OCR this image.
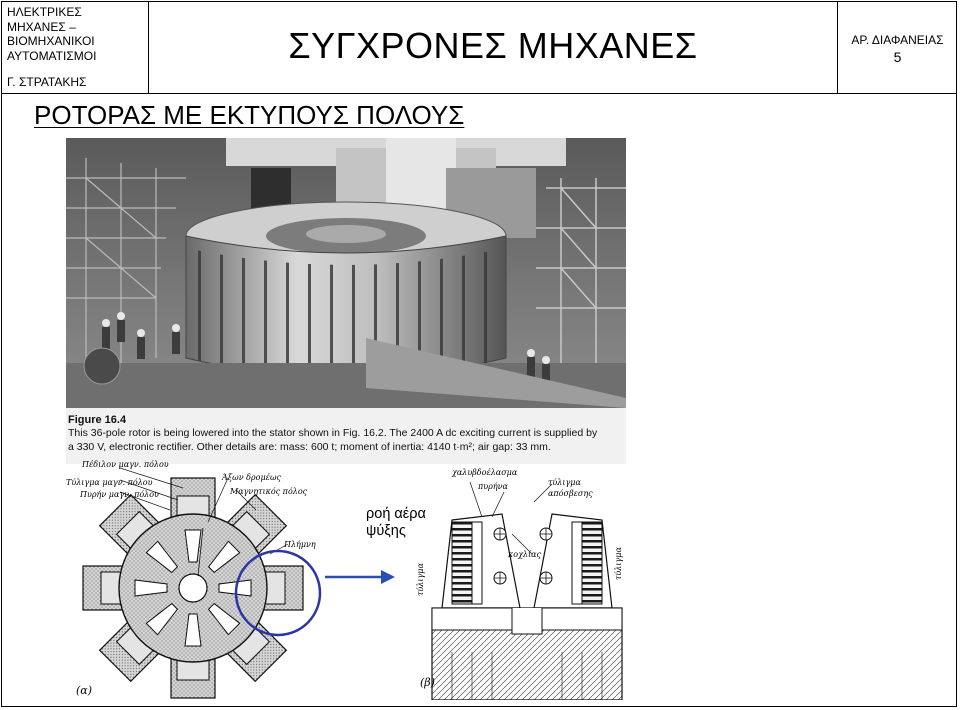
ΗΛΕΚΤΡΙΚΕΣ
ΜΗΧΑΝΕΣ –
ΒΙΟΜΗΧΑΝΙΚΟΙ
ΑΥΤΟΜΑΤΙΣΜΟΙ
Γ. ΣΤΡΑΤΑΚΗΣ
ΣΥΓΧΡΟΝΕΣ ΜΗΧΑΝΕΣ	ΑΡ. ΔΙΑΦΑΝΕΙΑΣ
5
ΡΟΤΟΡΑΣ ΜΕ ΕΚΤΥΠΟΥΣ ΠΟΛΟΥΣ
Figure 16.4
This 36-pole rotor is being lowered into the stator shown in Fig. 16.2. The 2400 A dc exciting current is supplied by
a 330 V, electronic rectifier. Other details are: mass: 600 t; moment of inertia: 4140 t·m²; air gap: 33 mm.
Πέδιλον μαγν. πόλου
Τύλιγμα μαγν. πόλου
Πυρήν μαγν. πόλου
Άξων δρομέως
Μαγνητικός πόλος
Πλήμνη
(α)
χαλυβδοέλασμα
πυρήνα	τύλιγμα απόσβεσης
κοχλίας
τύλιγμα	τύλιγμα
(β)
ροή αέρα
ψύξης
